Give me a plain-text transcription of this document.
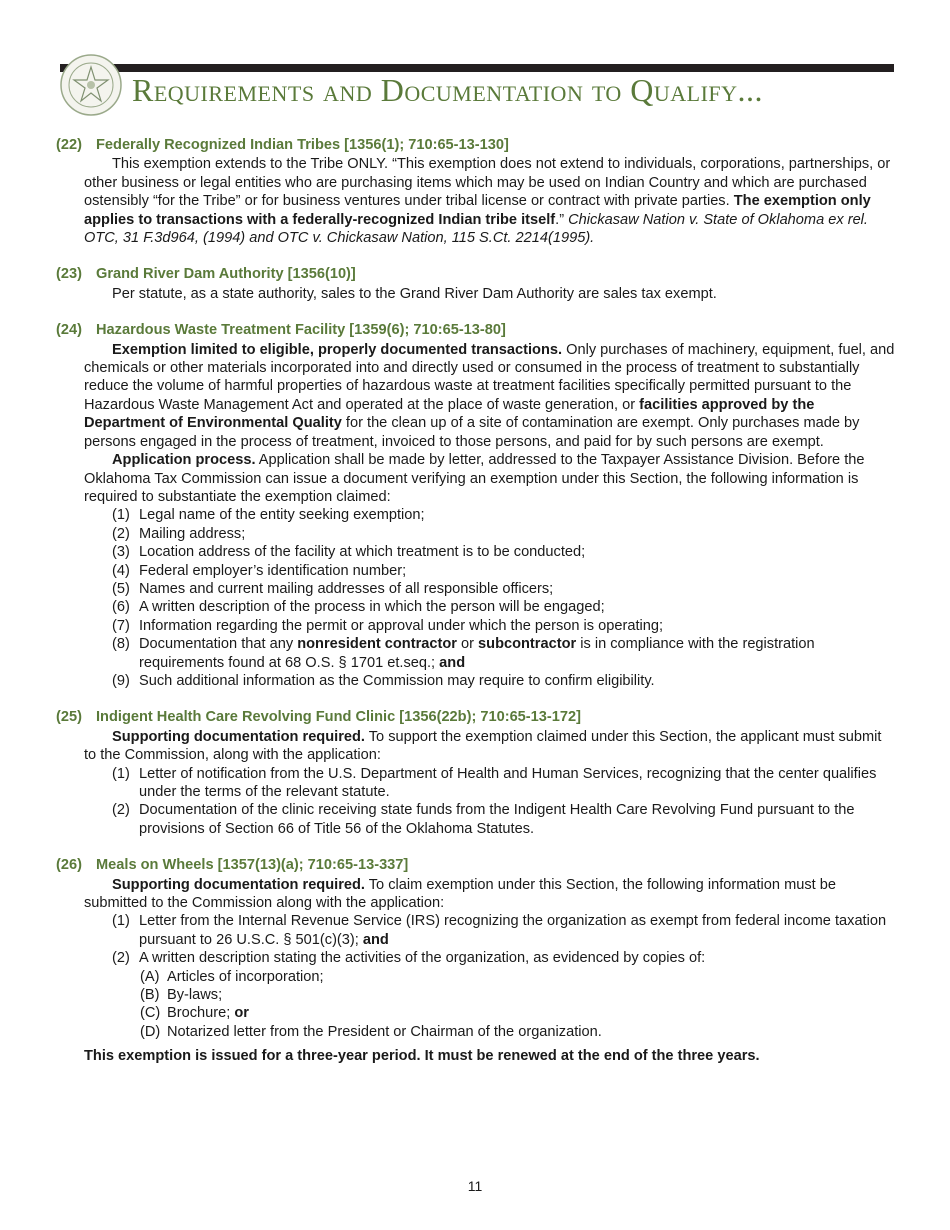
Requirements and Documentation to Qualify...
(22) Federally Recognized Indian Tribes [1356(1); 710:65-13-130]
This exemption extends to the Tribe ONLY. “This exemption does not extend to individuals, corporations, partnerships, or other business or legal entities who are purchasing items which may be used on Indian Country and which are purchased ostensibly “for the Tribe” or for business ventures under tribal license or contract with private parties. The exemption only applies to transactions with a federally-recognized Indian tribe itself.” Chickasaw Nation v. State of Oklahoma ex rel. OTC, 31 F.3d964, (1994) and OTC v. Chickasaw Nation, 115 S.Ct. 2214(1995).
(23) Grand River Dam Authority [1356(10)]
Per statute, as a state authority, sales to the Grand River Dam Authority are sales tax exempt.
(24) Hazardous Waste Treatment Facility [1359(6); 710:65-13-80]
Exemption limited to eligible, properly documented transactions. Only purchases of machinery, equipment, fuel, and chemicals or other materials incorporated into and directly used or consumed in the process of treatment to substantially reduce the volume of harmful properties of hazardous waste at treatment facilities specifically permitted pursuant to the Hazardous Waste Management Act and operated at the place of waste generation, or facilities approved by the Department of Environmental Quality for the clean up of a site of contamination are exempt. Only purchases made by persons engaged in the process of treatment, invoiced to those persons, and paid for by such persons are exempt.
Application process. Application shall be made by letter, addressed to the Taxpayer Assistance Division. Before the Oklahoma Tax Commission can issue a document verifying an exemption under this Section, the following information is required to substantiate the exemption claimed:
(1) Legal name of the entity seeking exemption;
(2) Mailing address;
(3) Location address of the facility at which treatment is to be conducted;
(4) Federal employer’s identification number;
(5) Names and current mailing addresses of all responsible officers;
(6) A written description of the process in which the person will be engaged;
(7) Information regarding the permit or approval under which the person is operating;
(8) Documentation that any nonresident contractor or subcontractor is in compliance with the registration requirements found at 68 O.S. § 1701 et.seq.; and
(9) Such additional information as the Commission may require to confirm eligibility.
(25) Indigent Health Care Revolving Fund Clinic [1356(22b); 710:65-13-172]
Supporting documentation required. To support the exemption claimed under this Section, the applicant must submit to the Commission, along with the application:
(1) Letter of notification from the U.S. Department of Health and Human Services, recognizing that the center qualifies under the terms of the relevant statute.
(2) Documentation of the clinic receiving state funds from the Indigent Health Care Revolving Fund pursuant to the provisions of Section 66 of Title 56 of the Oklahoma Statutes.
(26) Meals on Wheels [1357(13)(a); 710:65-13-337]
Supporting documentation required. To claim exemption under this Section, the following information must be submitted to the Commission along with the application:
(1) Letter from the Internal Revenue Service (IRS) recognizing the organization as exempt from federal income taxation pursuant to 26 U.S.C. § 501(c)(3); and
(2) A written description stating the activities of the organization, as evidenced by copies of:
(A) Articles of incorporation;
(B) By-laws;
(C) Brochure; or
(D) Notarized letter from the President or Chairman of the organization.
This exemption is issued for a three-year period. It must be renewed at the end of the three years.
11
